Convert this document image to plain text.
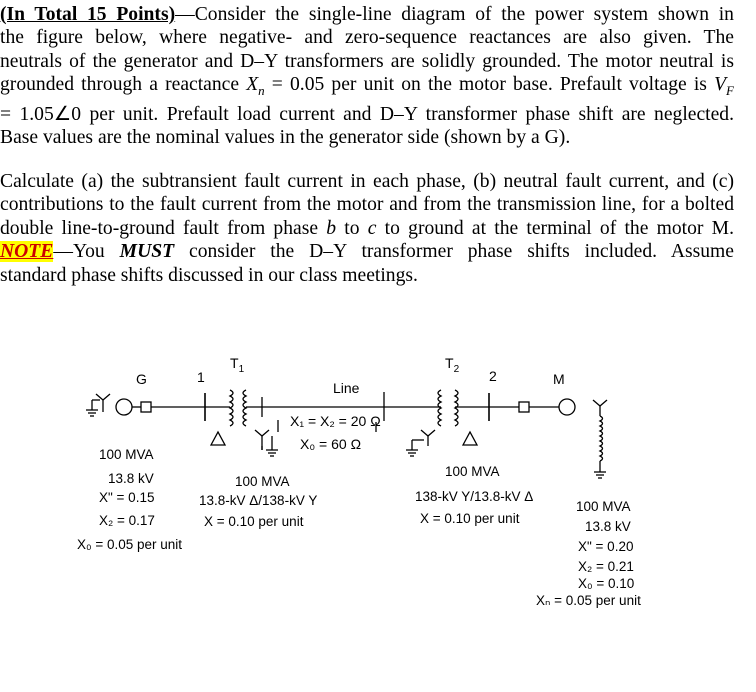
(In Total 15 Points)—Consider the single-line diagram of the power system shown in
the figure below, where negative- and zero-sequence reactances are also given. The
neutrals of the generator and D–Y transformers are solidly grounded. The motor neutral is
grounded through a reactance $X_n = 0.05$ per unit on the motor base. Prefault voltage is $V_F$
= 1.05∠0 per unit. Prefault load current and D–Y transformer phase shift are neglected.
Base values are the nominal values in the generator side (shown by a G).
Calculate (a) the subtransient fault current in each phase, (b) neutral fault current, and (c)
contributions to the fault current from the motor and from the transmission line, for a bolted
double line-to-ground fault from phase b to c to ground at the terminal of the motor M.
NOTE—You MUST consider the D–Y transformer phase shifts included. Assume
standard phase shifts discussed in our class meetings.
G	1
$T_1$	$T_2$ 2	M
Line
X₁ = X₂ = 20 Ω
X₀ = 60 Ω
100 MVA
13.8 kV
X" = 0.15
X₂ = 0.17
X₀ = 0.05 per unit
100 MVA
13.8-kV Δ/138-kV Y
X = 0.10 per unit
100 MVA
138-kV Y/13.8-kV Δ
X = 0.10 per unit
100 MVA
13.8 kV
X" = 0.20
X₂ = 0.21
X₀ = 0.10
Xₙ = 0.05 per unit
